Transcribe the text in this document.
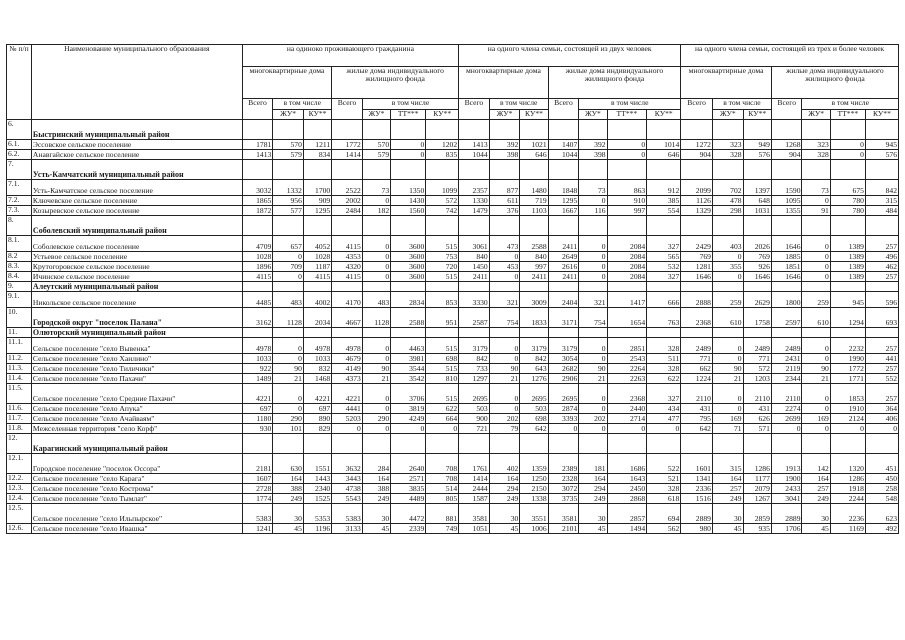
№ п/п	Наименование муниципального образования	на одиноко проживающего гражданина							на одного члена семьи, состоящей из двух человек							на одного члена семьи, состоящей из трех и более человек						
		многоквартирные дома			жилые дома индивидуального жилищного фонда				многоквартирные дома			жилые дома индивидуального жилищного фонда				многоквартирные дома			жилые дома индивидуального жилищного фонда			
		Всего	в том числе		Всего	в том числе			Всего	в том числе		Всего	в том числе			Всего	в том числе		Всего	в том числе		
			ЖУ*	КУ**		ЖУ*	ТТ***	КУ**		ЖУ*	КУ**		ЖУ*	ТТ***	КУ**		ЖУ*	КУ**		ЖУ*	ТТ***	КУ**
6.	Быстринский муниципальный район																					
6.1.	Эссовское сельское поселение	1781	570	1211	1772	570	0	1202	1413	392	1021	1407	392	0	1014	1272	323	949	1268	323	0	945
6.2.	Анавгайское сельское поселение	1413	579	834	1414	579	0	835	1044	398	646	1044	398	0	646	904	328	576	904	328	0	576
7.	Усть-Камчатский муниципальный район																					
7.1.	Усть-Камчатское сельское поселение	3032	1332	1700	2522	73	1350	1099	2357	877	1480	1848	73	863	912	2099	702	1397	1590	73	675	842
7.2.	Ключевское сельское поселение	1865	956	909	2002	0	1430	572	1330	611	719	1295	0	910	385	1126	478	648	1095	0	780	315
7.3.	Козыревское сельское поселение	1872	577	1295	2484	182	1560	742	1479	376	1103	1667	116	997	554	1329	298	1031	1355	91	780	484
8.	Соболевский муниципальный район																					
8.1.	Соболевское сельское поселение	4709	657	4052	4115	0	3600	515	3061	473	2588	2411	0	2084	327	2429	403	2026	1646	0	1389	257
8.2	Устьевое сельское поселение	1028	0	1028	4353	0	3600	753	840	0	840	2649	0	2084	565	769	0	769	1885	0	1389	496
8.3.	Крутогоровское сельское поселение	1896	709	1187	4320	0	3600	720	1450	453	997	2616	0	2084	532	1281	355	926	1851	0	1389	462
8.4.	Ичинское сельское поселение	4115	0	4115	4115	0	3600	515	2411	0	2411	2411	0	2084	327	1646	0	1646	1646	0	1389	257
9.	Алеутский муниципальный район																					
9.1.	Никольское сельское поселение	4485	483	4002	4170	483	2834	853	3330	321	3009	2404	321	1417	666	2888	259	2629	1800	259	945	596
10.	Городской округ "поселок Палана"	3162	1128	2034	4667	1128	2588	951	2587	754	1833	3171	754	1654	763	2368	610	1758	2597	610	1294	693
11.	Олюторский муниципальный район																					
11.1.	Сельское поселение "село Вывенка"	4978	0	4978	4978	0	4463	515	3179	0	3179	3179	0	2851	328	2489	0	2489	2489	0	2232	257
11.2.	Сельское поселение "село Хаилино"	1033	0	1033	4679	0	3981	698	842	0	842	3054	0	2543	511	771	0	771	2431	0	1990	441
11.3.	Сельское поселение "село Тиличики"	922	90	832	4149	90	3544	515	733	90	643	2682	90	2264	328	662	90	572	2119	90	1772	257
11.4.	Сельское поселение "село Пахачи"	1489	21	1468	4373	21	3542	810	1297	21	1276	2906	21	2263	622	1224	21	1203	2344	21	1771	552
11.5.	Сельское поселение "село Средние Пахачи"	4221	0	4221	4221	0	3706	515	2695	0	2695	2695	0	2368	327	2110	0	2110	2110	0	1853	257
11.6.	Сельское поселение "село Апука"	697	0	697	4441	0	3819	622	503	0	503	2874	0	2440	434	431	0	431	2274	0	1910	364
11.7.	Сельское поселение "село Ачайваям"	1180	290	890	5203	290	4249	664	900	202	698	3393	202	2714	477	795	169	626	2699	169	2124	406
11.8.	Межселенная территория "село Корф"	930	101	829	0	0	0	0	721	79	642	0	0	0	0	642	71	571	0	0	0	0
12.	Карагинский муниципальный район																					
12.1.	Городское поселение "поселок Оссора"	2181	630	1551	3632	284	2640	708	1761	402	1359	2389	181	1686	522	1601	315	1286	1913	142	1320	451
12.2.	Сельское поселение "село Карага"	1607	164	1443	3443	164	2571	708	1414	164	1250	2328	164	1643	521	1341	164	1177	1900	164	1286	450
12.3.	Сельское поселение "село Кострома"	2728	388	2340	4738	388	3835	514	2444	294	2150	3072	294	2450	328	2336	257	2079	2433	257	1918	258
12.4.	Сельское поселение "село Тымлат"	1774	249	1525	5543	249	4489	805	1587	249	1338	3735	249	2868	618	1516	249	1267	3041	249	2244	548
12.5.	Сельское поселение "село Ильпырское"	5383	30	5353	5383	30	4472	881	3581	30	3551	3581	30	2857	694	2889	30	2859	2889	30	2236	623
12.6.	Сельское поселение "село Ивашка"	1241	45	1196	3133	45	2339	749	1051	45	1006	2101	45	1494	562	980	45	935	1706	45	1169	492
